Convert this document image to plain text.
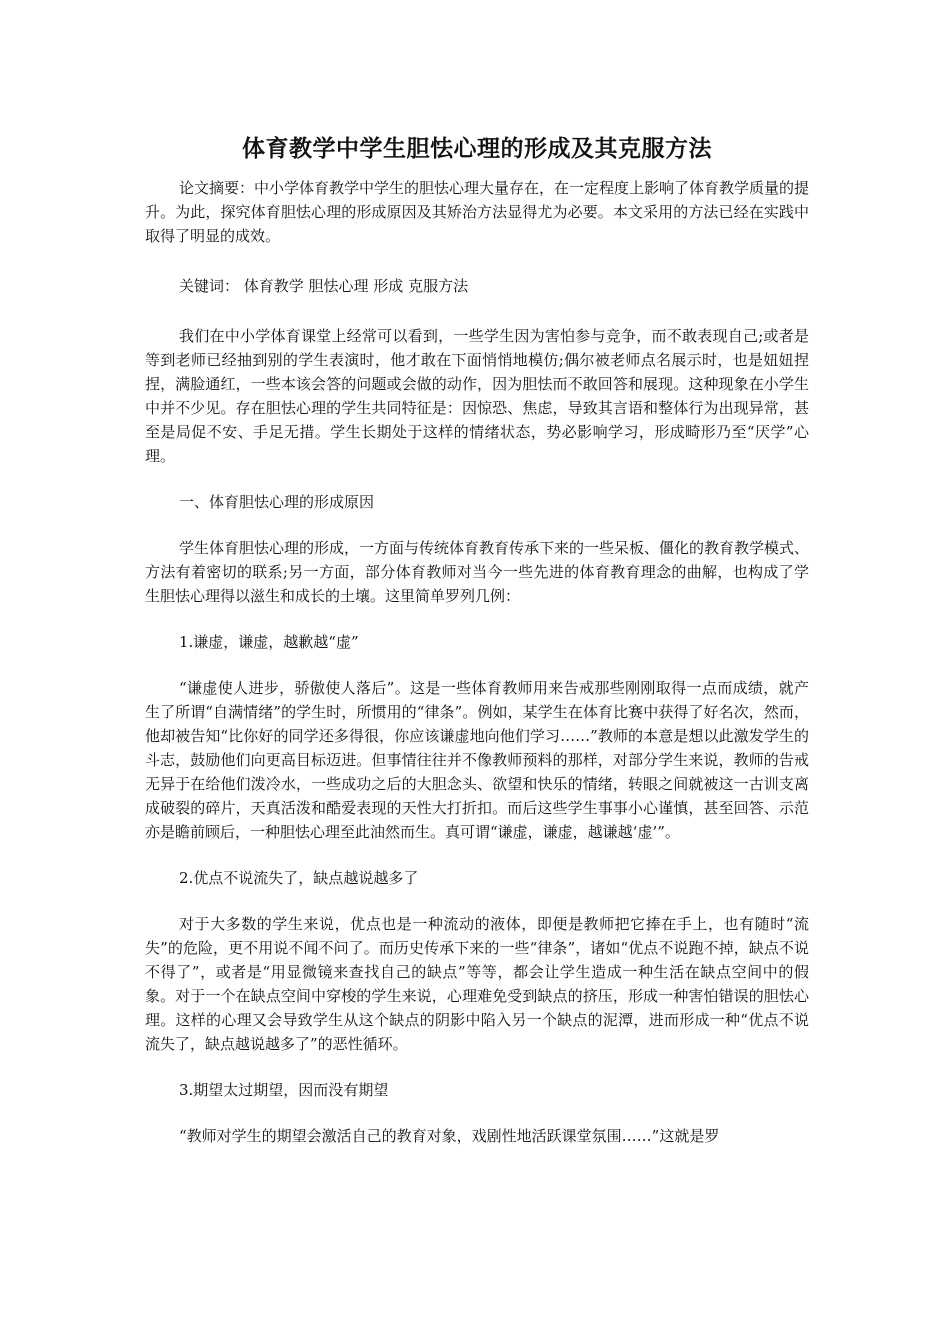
体育教学中学生胆怯心理的形成及其克服方法

论文摘要：中小学体育教学中学生的胆怯心理大量存在，在一定程度上影响了体育教学质量的提升。为此，探究体育胆怯心理的形成原因及其矫治方法显得尤为必要。本文采用的方法已经在实践中取得了明显的成效。

关键词： 体育教学 胆怯心理 形成 克服方法

我们在中小学体育课堂上经常可以看到，一些学生因为害怕参与竞争，而不敢表现自己;或者是等到老师已经抽到别的学生表演时，他才敢在下面悄悄地模仿;偶尔被老师点名展示时，也是妞妞捏捏，满脸通红，一些本该会答的问题或会做的动作，因为胆怯而不敢回答和展现。这种现象在小学生中并不少见。存在胆怯心理的学生共同特征是：因惊恐、焦虑，导致其言语和整体行为出现异常，甚至是局促不安、手足无措。学生长期处于这样的情绪状态，势必影响学习，形成畸形乃至“厌学”心理。

一、体育胆怯心理的形成原因

学生体育胆怯心理的形成，一方面与传统体育教育传承下来的一些呆板、僵化的教育教学模式、方法有着密切的联系;另一方面，部分体育教师对当今一些先进的体育教育理念的曲解，也构成了学生胆怯心理得以滋生和成长的土壤。这里简单罗列几例：

1.谦虚，谦虚，越歉越“虚”

“谦虚使人进步，骄傲使人落后”。这是一些体育教师用来告戒那些刚刚取得一点而成绩，就产生了所谓“自满情绪”的学生时，所惯用的“律条”。例如，某学生在体育比赛中获得了好名次，然而，他却被告知“比你好的同学还多得很，你应该谦虚地向他们学习……”教师的本意是想以此激发学生的斗志，鼓励他们向更高目标迈进。但事情往往并不像教师预料的那样，对部分学生来说，教师的告戒无异于在给他们泼冷水，一些成功之后的大胆念头、欲望和快乐的情绪，转眼之间就被这一古训支离成破裂的碎片，天真活泼和酷爱表现的天性大打折扣。而后这些学生事事小心谨慎，甚至回答、示范亦是瞻前顾后，一种胆怯心理至此油然而生。真可谓“谦虚，谦虚，越谦越‘虚’”。

2.优点不说流失了，缺点越说越多了

对于大多数的学生来说，优点也是一种流动的液体，即便是教师把它捧在手上，也有随时“流失”的危险，更不用说不闻不问了。而历史传承下来的一些“律条”，诸如“优点不说跑不掉，缺点不说不得了”，或者是“用显微镜来查找自己的缺点”等等，都会让学生造成一种生活在缺点空间中的假象。对于一个在缺点空间中穿梭的学生来说，心理难免受到缺点的挤压，形成一种害怕错误的胆怯心理。这样的心理又会导致学生从这个缺点的阴影中陷入另一个缺点的泥潭，进而形成一种“优点不说流失了，缺点越说越多了”的恶性循环。

3.期望太过期望，因而没有期望

“教师对学生的期望会激活自己的教育对象，戏剧性地活跃课堂氛围……”这就是罗
